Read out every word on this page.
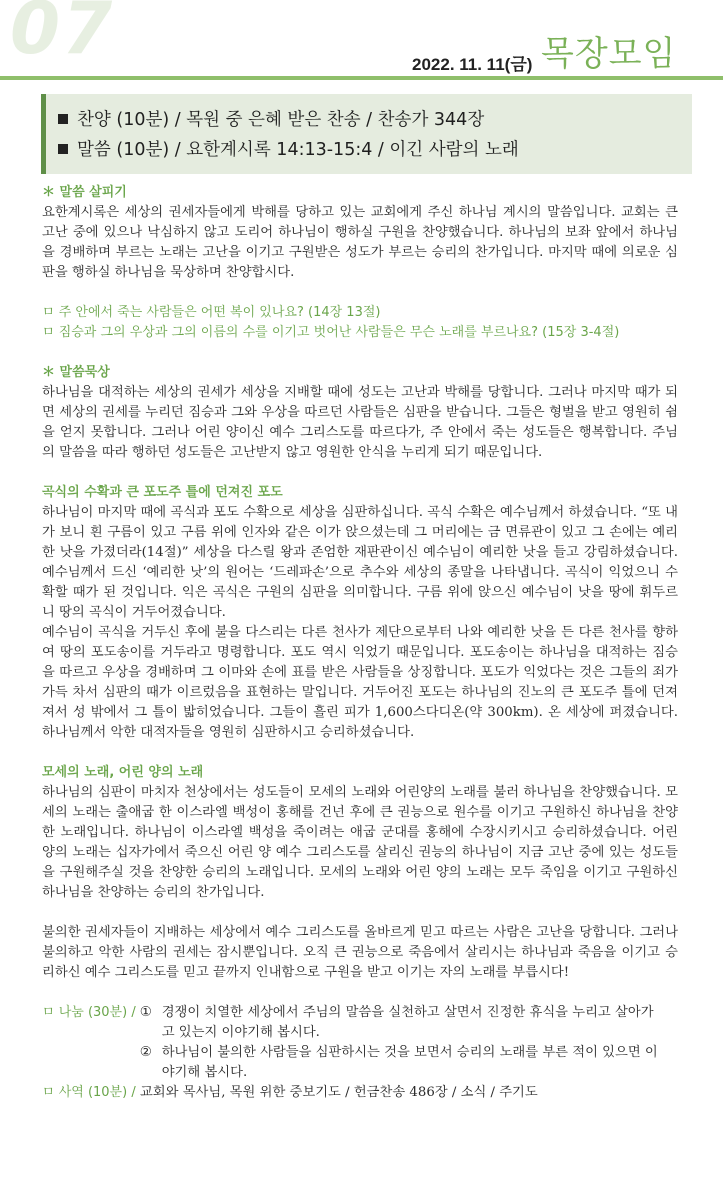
07	2022. 11. 11(금) 목장모임
찬양 (10분) / 목원 중 은혜 받은 찬송 / 찬송가 344장
말씀 (10분) / 요한계시록 14:13-15:4 / 이긴 사람의 노래

＊ 말씀 살피기

요한계시록은 세상의 권세자들에게 박해를 당하고 있는 교회에게 주신 하나님 계시의 말씀입니다. 교회는 큰 고난 중에 있으나 낙심하지 않고 도리어 하나님이 행하실 구원을 찬양했습니다. 하나님의 보좌 앞에서 하나님을 경배하며 부르는 노래는 고난을 이기고 구원받은 성도가 부르는 승리의 찬가입니다. 마지막 때에 의로운 심판을 행하실 하나님을 묵상하며 찬양합시다.

ㅁ 주 안에서 죽는 사람들은 어떤 복이 있나요? (14장 13절)

ㅁ 짐승과 그의 우상과 그의 이름의 수를 이기고 벗어난 사람들은 무슨 노래를 부르나요? (15장 3-4절)

＊ 말씀묵상

하나님을 대적하는 세상의 권세가 세상을 지배할 때에 성도는 고난과 박해를 당합니다. 그러나 마지막 때가 되면 세상의 권세를 누리던 짐승과 그와 우상을 따르던 사람들은 심판을 받습니다. 그들은 형벌을 받고 영원히 쉼을 얻지 못합니다. 그러나 어린 양이신 예수 그리스도를 따르다가, 주 안에서 죽는 성도들은 행복합니다. 주님의 말씀을 따라 행하던 성도들은 고난받지 않고 영원한 안식을 누리게 되기 때문입니다.

곡식의 수확과 큰 포도주 틀에 던져진 포도

하나님이 마지막 때에 곡식과 포도 수확으로 세상을 심판하십니다. 곡식 수확은 예수님께서 하셨습니다. “또 내가 보니 흰 구름이 있고 구름 위에 인자와 같은 이가 앉으셨는데 그 머리에는 금 면류관이 있고 그 손에는 예리한 낫을 가졌더라(14절)” 세상을 다스릴 왕과 존엄한 재판관이신 예수님이 예리한 낫을 들고 강림하셨습니다. 예수님께서 드신 ‘예리한 낫’의 원어는 ‘드레파손’으로 추수와 세상의 종말을 나타냅니다. 곡식이 익었으니 수확할 때가 된 것입니다. 익은 곡식은 구원의 심판을 의미합니다. 구름 위에 앉으신 예수님이 낫을 땅에 휘두르니 땅의 곡식이 거두어졌습니다.

예수님이 곡식을 거두신 후에 불을 다스리는 다른 천사가 제단으로부터 나와 예리한 낫을 든 다른 천사를 향하여 땅의 포도송이를 거두라고 명령합니다. 포도 역시 익었기 때문입니다. 포도송이는 하나님을 대적하는 짐승을 따르고 우상을 경배하며 그 이마와 손에 표를 받은 사람들을 상징합니다. 포도가 익었다는 것은 그들의 죄가 가득 차서 심판의 때가 이르렀음을 표현하는 말입니다. 거두어진 포도는 하나님의 진노의 큰 포도주 틀에 던져져서 성 밖에서 그 틀이 밟히었습니다. 그들이 흘린 피가 1,600스다디온(약 300km). 온 세상에 퍼졌습니다. 하나님께서 악한 대적자들을 영원히 심판하시고 승리하셨습니다.

모세의 노래, 어린 양의 노래

하나님의 심판이 마치자 천상에서는 성도들이 모세의 노래와 어린양의 노래를 불러 하나님을 찬양했습니다. 모세의 노래는 출애굽 한 이스라엘 백성이 홍해를 건넌 후에 큰 권능으로 원수를 이기고 구원하신 하나님을 찬양한 노래입니다. 하나님이 이스라엘 백성을 죽이려는 애굽 군대를 홍해에 수장시키시고 승리하셨습니다. 어린 양의 노래는 십자가에서 죽으신 어린 양 예수 그리스도를 살리신 권능의 하나님이 지금 고난 중에 있는 성도들을 구원해주실 것을 찬양한 승리의 노래입니다. 모세의 노래와 어린 양의 노래는 모두 죽임을 이기고 구원하신 하나님을 찬양하는 승리의 찬가입니다.

불의한 권세자들이 지배하는 세상에서 예수 그리스도를 올바르게 믿고 따르는 사람은 고난을 당합니다. 그러나 불의하고 악한 사람의 권세는 잠시뿐입니다. 오직 큰 권능으로 죽음에서 살리시는 하나님과 죽음을 이기고 승리하신 예수 그리스도를 믿고 끝까지 인내함으로 구원을 받고 이기는 자의 노래를 부릅시다!

ㅁ 나눔 (30분) / ① 경쟁이 치열한 세상에서 주님의 말씀을 실천하고 살면서 진정한 휴식을 누리고 살아가고 있는지 이야기해 봅시다.
② 하나님이 불의한 사람들을 심판하시는 것을 보면서 승리의 노래를 부른 적이 있으면 이야기해 봅시다.
ㅁ 사역 (10분) / 교회와 목사님, 목원 위한 중보기도 / 헌금찬송 486장 / 소식 / 주기도
